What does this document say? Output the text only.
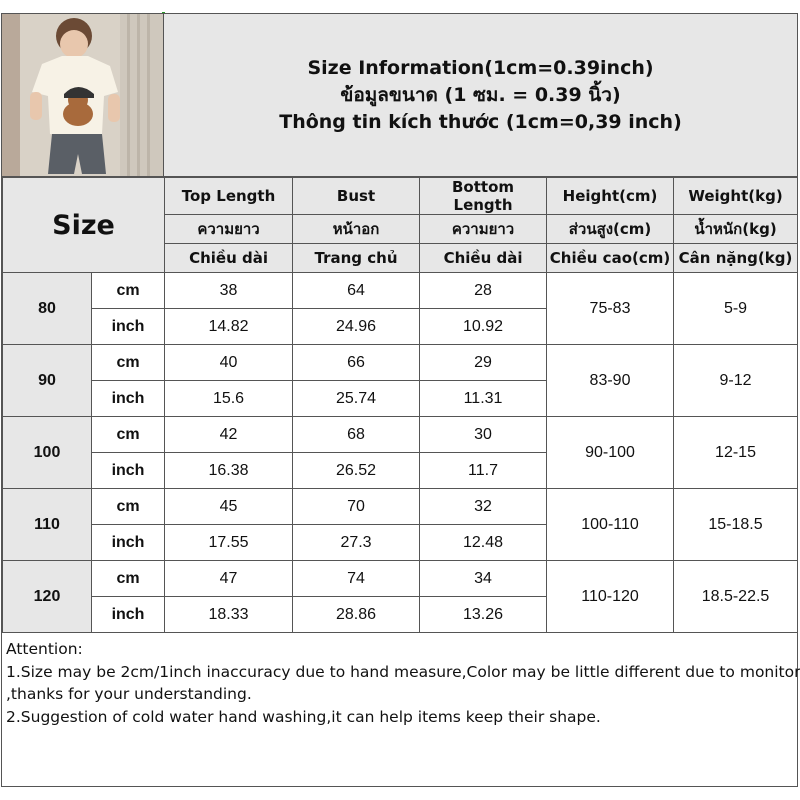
Size Information(1cm=0.39inch)
ข้อมูลขนาด (1 ซม. = 0.39 นิ้ว)
Thông tin kích thước (1cm=0,39 inch)
Size		Top Length	Bust	Bottom Length	Height(cm)	Weight(kg)
		ความยาว	หน้าอก	ความยาว	ส่วนสูง(cm)	น้ำหนัก(kg)
		Chiều dài	Trang chủ	Chiều dài	Chiều cao(cm)	Cân nặng(kg)
80	cm	38	64	28	75-83	5-9
	inch	14.82	24.96	10.92		
90	cm	40	66	29	83-90	9-12
	inch	15.6	25.74	11.31		
100	cm	42	68	30	90-100	12-15
	inch	16.38	26.52	11.7		
110	cm	45	70	32	100-110	15-18.5
	inch	17.55	27.3	12.48		
120	cm	47	74	34	110-120	18.5-22.5
	inch	18.33	28.86	13.26		
Attention:
1.Size may be 2cm/1inch inaccuracy due to hand measure,Color may be little different due to monitor
,thanks for your understanding.
2.Suggestion of cold water hand washing,it can help items keep their shape.
